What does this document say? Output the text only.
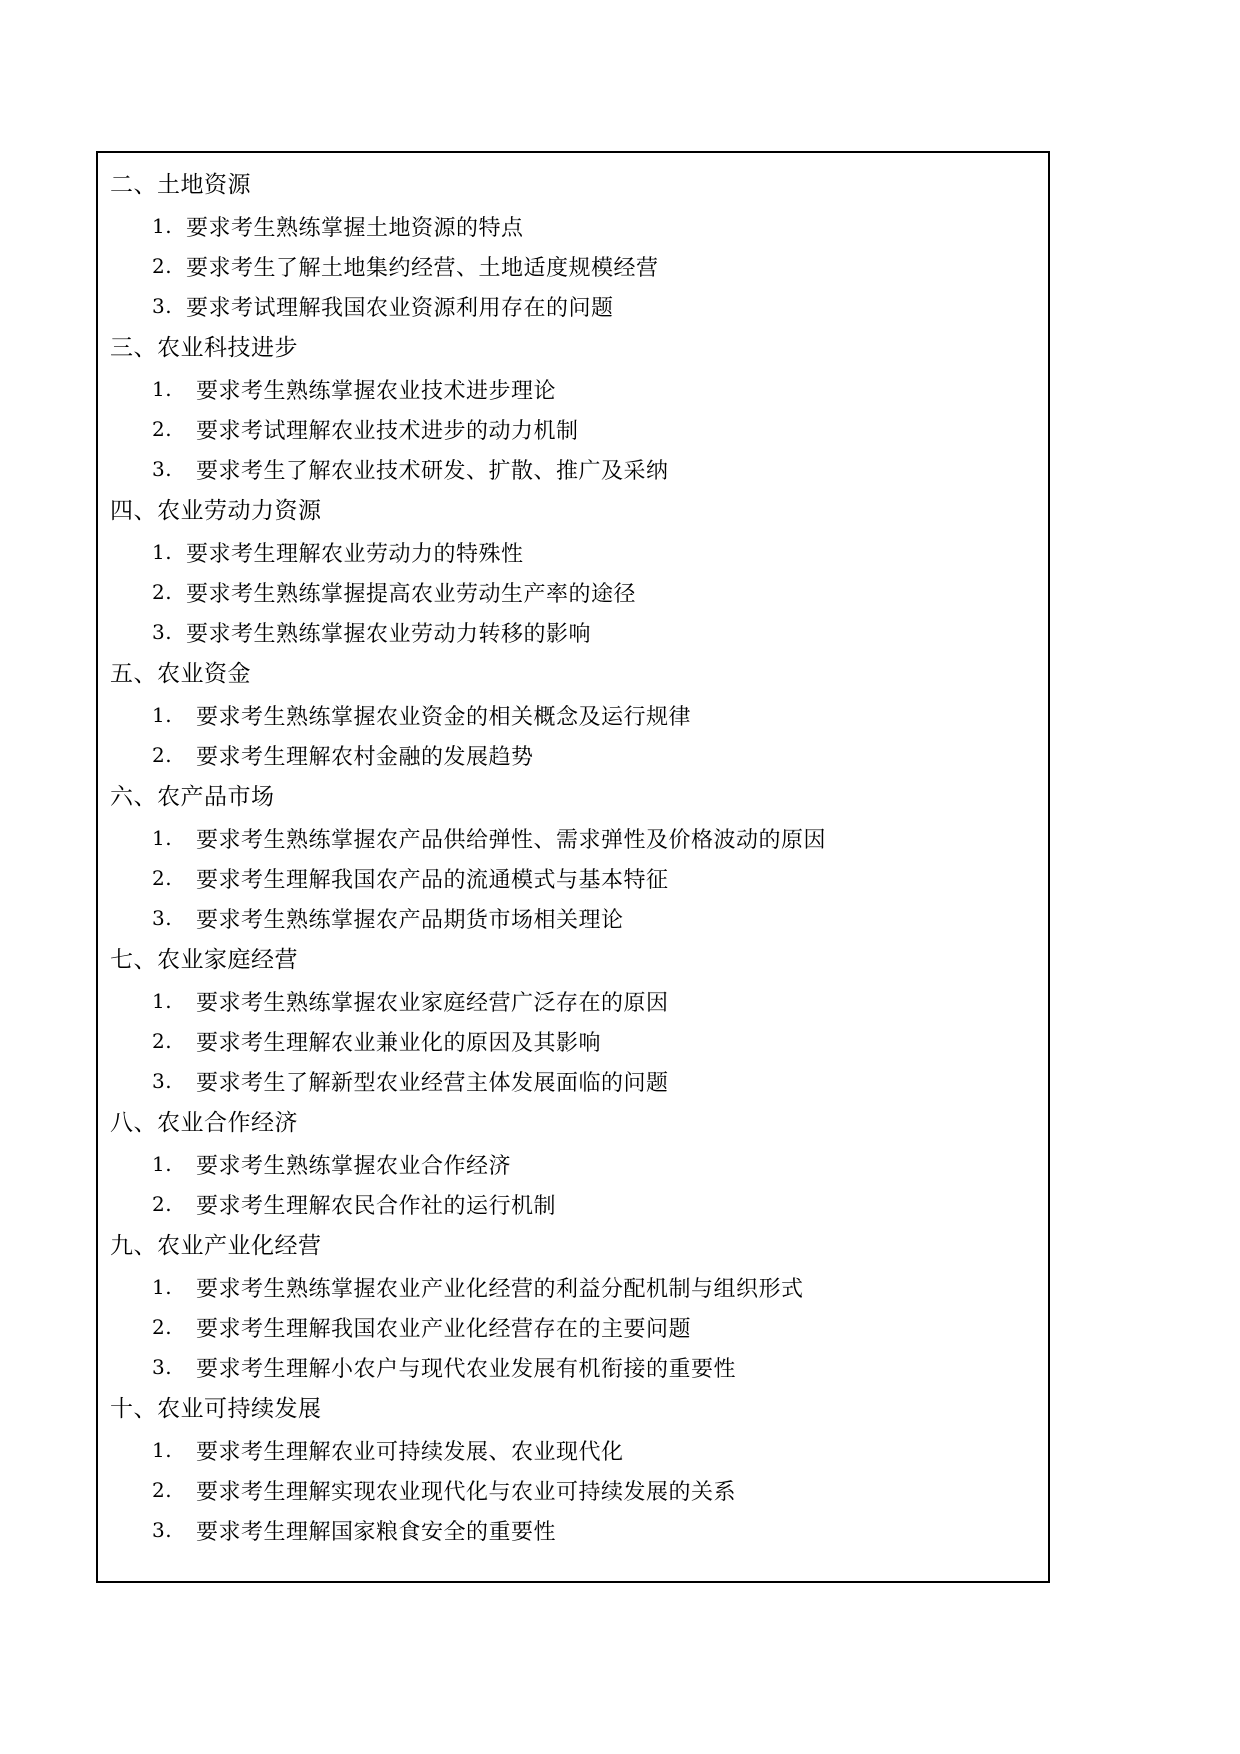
二、 土地资源
1. 要求考生熟练掌握土地资源的特点
2. 要求考生了解土地集约经营、土地适度规模经营
3. 要求考试理解我国农业资源利用存在的问题
三、 农业科技进步
1.	要求考生熟练掌握农业技术进步理论
2.	要求考试理解农业技术进步的动力机制
3.	要求考生了解农业技术研发、扩散、推广及采纳
四、 农业劳动力资源
1. 要求考生理解农业劳动力的特殊性
2. 要求考生熟练掌握提高农业劳动生产率的途径
3. 要求考生熟练掌握农业劳动力转移的影响
五、 农业资金
1.	要求考生熟练掌握农业资金的相关概念及运行规律
2.	要求考生理解农村金融的发展趋势
六、 农产品市场
1.	要求考生熟练掌握农产品供给弹性、需求弹性及价格波动的原因
2.	要求考生理解我国农产品的流通模式与基本特征
3.	要求考生熟练掌握农产品期货市场相关理论
七、 农业家庭经营
1.	要求考生熟练掌握农业家庭经营广泛存在的原因
2.	要求考生理解农业兼业化的原因及其影响
3.	要求考生了解新型农业经营主体发展面临的问题
八、 农业合作经济
1.	要求考生熟练掌握农业合作经济
2.	要求考生理解农民合作社的运行机制
九、 农业产业化经营
1.	要求考生熟练掌握农业产业化经营的利益分配机制与组织形式
2.	要求考生理解我国农业产业化经营存在的主要问题
3.	要求考生理解小农户与现代农业发展有机衔接的重要性
十、 农业可持续发展
1.	要求考生理解农业可持续发展、农业现代化
2.	要求考生理解实现农业现代化与农业可持续发展的关系
3.	要求考生理解国家粮食安全的重要性
